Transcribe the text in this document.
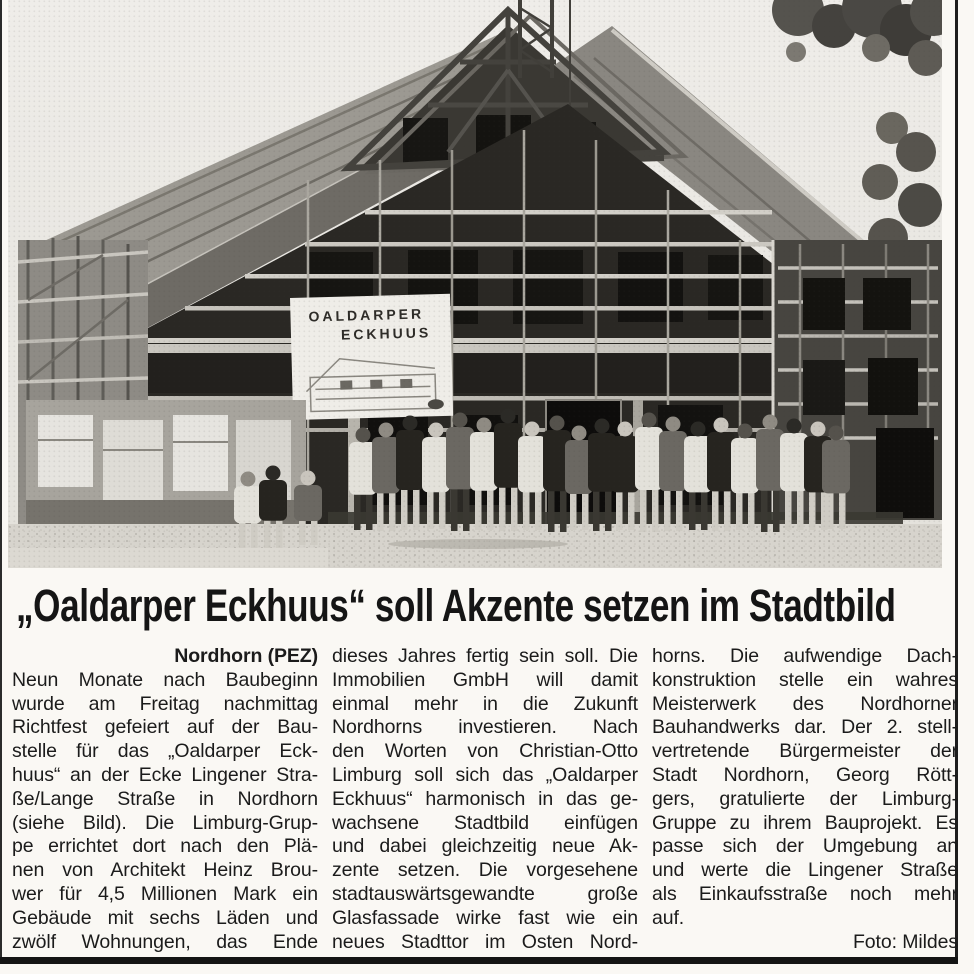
OALDARPER
ECKHUUS
„Oaldarper Eckhuus“ soll Akzente setzen im Stadtbild
Nordhorn (PEZ)
Neun Monate nach Baubeginn
wurde am Freitag nachmittag
Richtfest gefeiert auf der Bau-
stelle für das „Oaldarper Eck-
huus“ an der Ecke Lingener Stra-
ße/Lange Straße in Nordhorn
(siehe Bild). Die Limburg-Grup-
pe errichtet dort nach den Plä-
nen von Architekt Heinz Brou-
wer für 4,5 Millionen Mark ein
Gebäude mit sechs Läden und
zwölf Wohnungen, das Ende
dieses Jahres fertig sein soll. Die
Immobilien GmbH will damit
einmal mehr in die Zukunft
Nordhorns investieren. Nach
den Worten von Christian-Otto
Limburg soll sich das „Oaldarper
Eckhuus“ harmonisch in das ge-
wachsene Stadtbild einfügen
und dabei gleichzeitig neue Ak-
zente setzen. Die vorgesehene
stadtauswärtsgewandte große
Glasfassade wirke fast wie ein
neues Stadttor im Osten Nord-
horns. Die aufwendige Dach-
konstruktion stelle ein wahres
Meisterwerk des Nordhorner
Bauhandwerks dar. Der 2. stell-
vertretende Bürgermeister der
Stadt Nordhorn, Georg Rött-
gers, gratulierte der Limburg-
Gruppe zu ihrem Bauprojekt. Es
passe sich der Umgebung an
und werte die Lingener Straße
als Einkaufsstraße noch mehr
auf.
Foto: Mildes
